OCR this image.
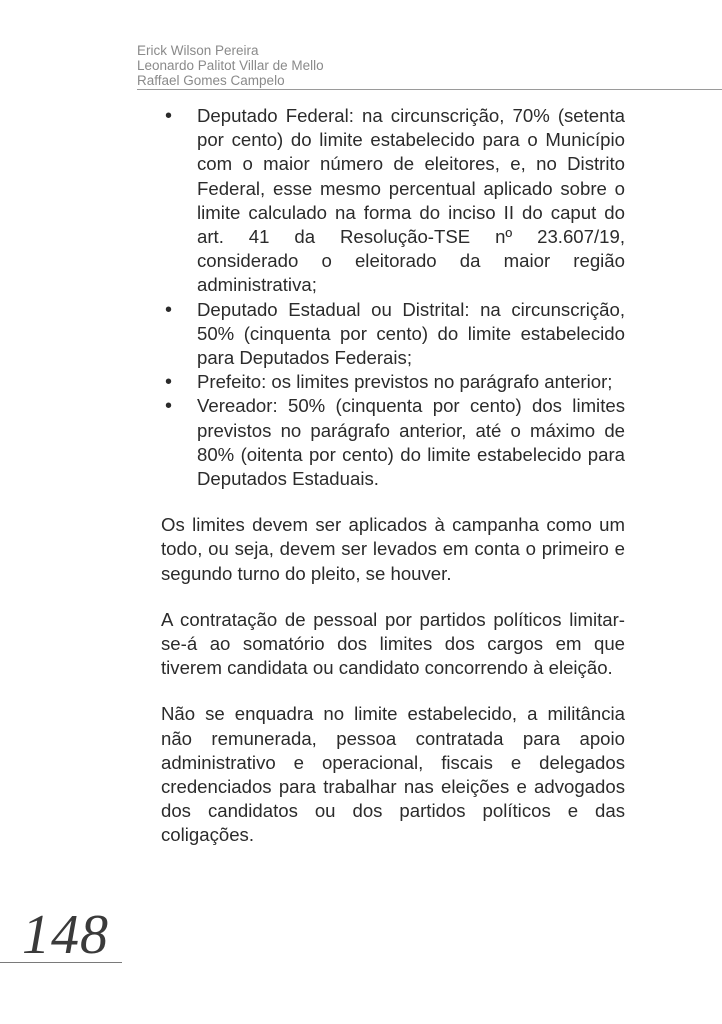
Erick Wilson Pereira
Leonardo Palitot Villar de Mello
Raffael Gomes Campelo
• Deputado Federal: na circunscrição, 70% (setenta por cento) do limite estabelecido para o Município com o maior número de eleitores, e, no Distrito Federal, esse mesmo percentual aplicado sobre o limite calculado na forma do inciso II do caput do art. 41 da Resolução-TSE nº 23.607/19, considerado o eleitorado da maior região administrativa;
• Deputado Estadual ou Distrital: na circunscrição, 50% (cinquenta por cento) do limite estabelecido para Deputados Federais;
• Prefeito: os limites previstos no parágrafo anterior;
• Vereador: 50% (cinquenta por cento) dos limites previstos no parágrafo anterior, até o máximo de 80% (oitenta por cento) do limite estabelecido para Deputados Estaduais.

Os limites devem ser aplicados à campanha como um todo, ou seja, devem ser levados em conta o primeiro e segundo turno do pleito, se houver.

A contratação de pessoal por partidos políticos limitar-se-á ao somatório dos limites dos cargos em que tiverem candidata ou candidato concorrendo à eleição.

Não se enquadra no limite estabelecido, a militância não remunerada, pessoa contratada para apoio administrativo e operacional, fiscais e delegados credenciados para trabalhar nas eleições e advogados dos candidatos ou dos partidos políticos e das coligações.

148
